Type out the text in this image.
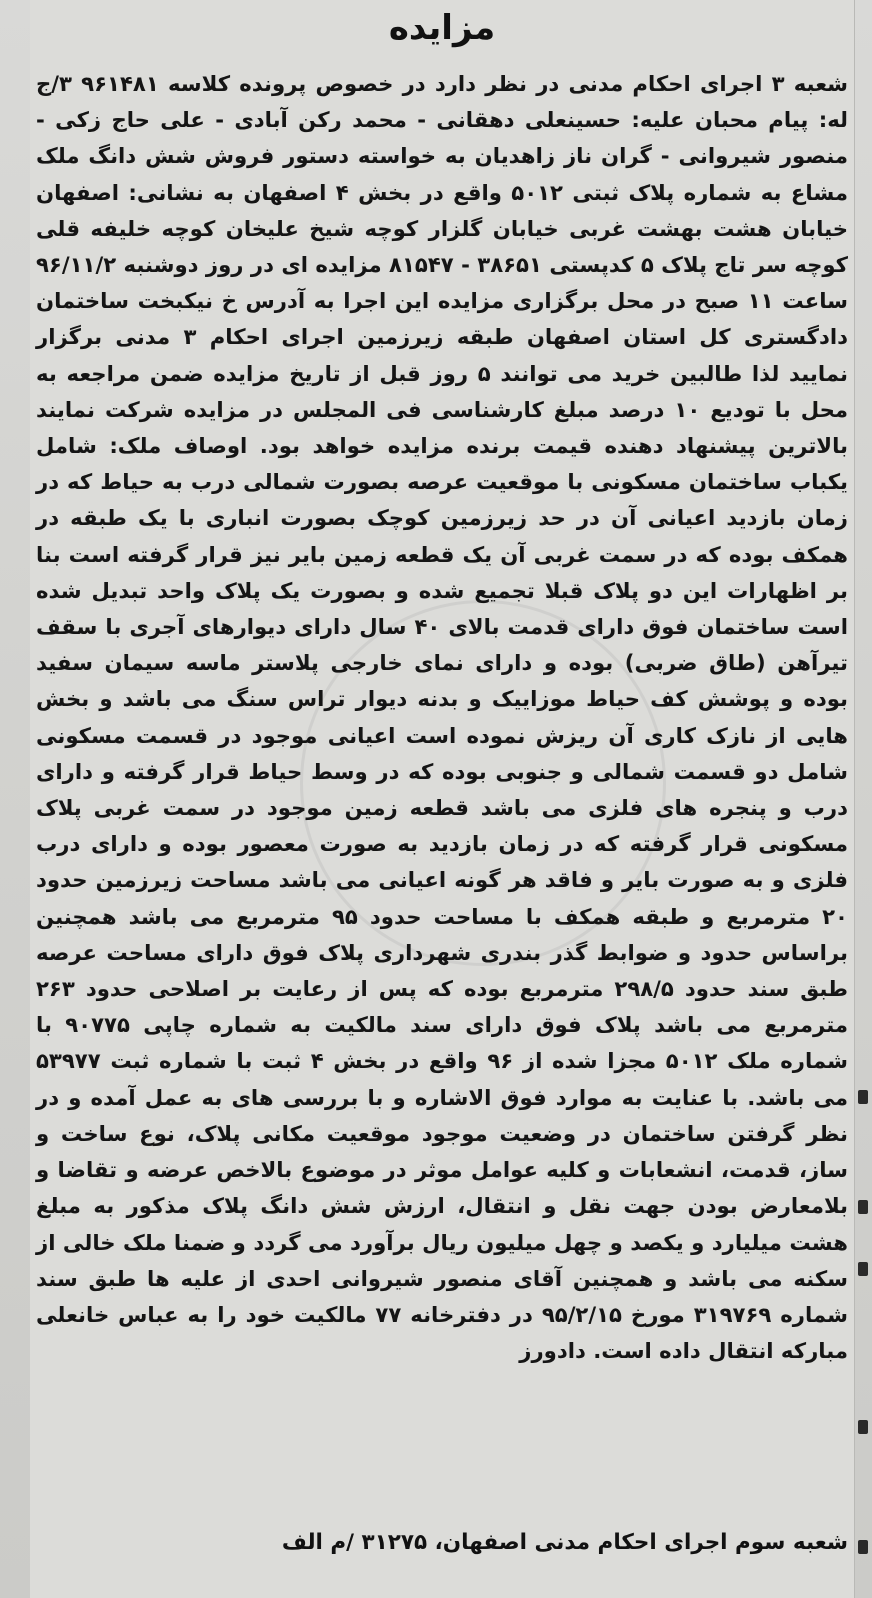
مزایده
شعبه ۳ اجرای احکام مدنی در نظر دارد در خصوص پرونده کلاسه ۹۶۱۴۸۱ ۳/ج له: پیام محبان علیه: حسینعلی دهقانی - محمد رکن آبادی - علی حاج زکی - منصور شیروانی - گران ناز زاهدیان به خواسته دستور فروش شش دانگ ملک مشاع به شماره پلاک ثبتی ۵۰۱۲ واقع در بخش ۴ اصفهان به نشانی: اصفهان خیابان هشت بهشت غربی خیابان گلزار کوچه شیخ علیخان کوچه خلیفه قلی کوچه سر تاج پلاک ۵ کدپستی ۳۸۶۵۱ - ۸۱۵۴۷ مزایده ای در روز دوشنبه ۹۶/۱۱/۲ ساعت ۱۱ صبح در محل برگزاری مزایده این اجرا به آدرس خ نیکبخت ساختمان دادگستری کل استان اصفهان طبقه زیرزمین اجرای احکام ۳ مدنی برگزار نمایید لذا طالبین خرید می توانند ۵ روز قبل از تاریخ مزایده ضمن مراجعه به محل با تودیع ۱۰ درصد مبلغ کارشناسی فی المجلس در مزایده شرکت نمایند بالاترین پیشنهاد دهنده قیمت برنده مزایده خواهد بود. اوصاف ملک: شامل یکباب ساختمان مسکونی با موقعیت عرصه بصورت شمالی درب به حیاط که در زمان بازدید اعیانی آن در حد زیرزمین کوچک بصورت انباری با یک طبقه در همکف بوده که در سمت غربی آن یک قطعه زمین بایر نیز قرار گرفته است بنا بر اظهارات این دو پلاک قبلا تجمیع شده و بصورت یک پلاک واحد تبدیل شده است ساختمان فوق دارای قدمت بالای ۴۰ سال دارای دیوارهای آجری با سقف تیرآهن (طاق ضربی) بوده و دارای نمای خارجی پلاستر ماسه سیمان سفید بوده و پوشش کف حیاط موزاییک و بدنه دیوار تراس سنگ می باشد و بخش هایی از نازک کاری آن ریزش نموده است اعیانی موجود در قسمت مسکونی شامل دو قسمت شمالی و جنوبی بوده که در وسط حیاط قرار گرفته و دارای درب و پنجره های فلزی می باشد قطعه زمین موجود در سمت غربی پلاک مسکونی قرار گرفته که در زمان بازدید به صورت معصور بوده و دارای درب فلزی و به صورت بایر و فاقد هر گونه اعیانی می باشد مساحت زیرزمین حدود ۲۰ مترمربع و طبقه همکف با مساحت حدود ۹۵ مترمربع می باشد همچنین براساس حدود و ضوابط گذر بندری شهرداری پلاک فوق دارای مساحت عرصه طبق سند حدود ۲۹۸/۵ مترمربع بوده که پس از رعایت بر اصلاحی حدود ۲۶۳ مترمربع می باشد پلاک فوق دارای سند مالکیت به شماره چاپی ۹۰۷۷۵ با شماره ملک ۵۰۱۲ مجزا شده از ۹۶ واقع در بخش ۴ ثبت با شماره ثبت ۵۳۹۷۷ می باشد. با عنایت به موارد فوق الاشاره و با بررسی های به عمل آمده و در نظر گرفتن ساختمان در وضعیت موجود موقعیت مکانی پلاک، نوع ساخت و ساز، قدمت، انشعابات و کلیه عوامل موثر در موضوع بالاخص عرضه و تقاضا و بلامعارض بودن جهت نقل و انتقال، ارزش شش دانگ پلاک مذکور به مبلغ هشت میلیارد و یکصد و چهل میلیون ریال برآورد می گردد و ضمنا ملک خالی از سکنه می باشد و همچنین آقای منصور شیروانی احدی از علیه ها طبق سند شماره ۳۱۹۷۶۹ مورخ ۹۵/۲/۱۵ در دفترخانه ۷۷ مالکیت خود را به عباس خانعلی مبارکه انتقال داده است. دادورز
شعبه سوم اجرای احکام مدنی اصفهان، ۳۱۲۷۵ /م الف
